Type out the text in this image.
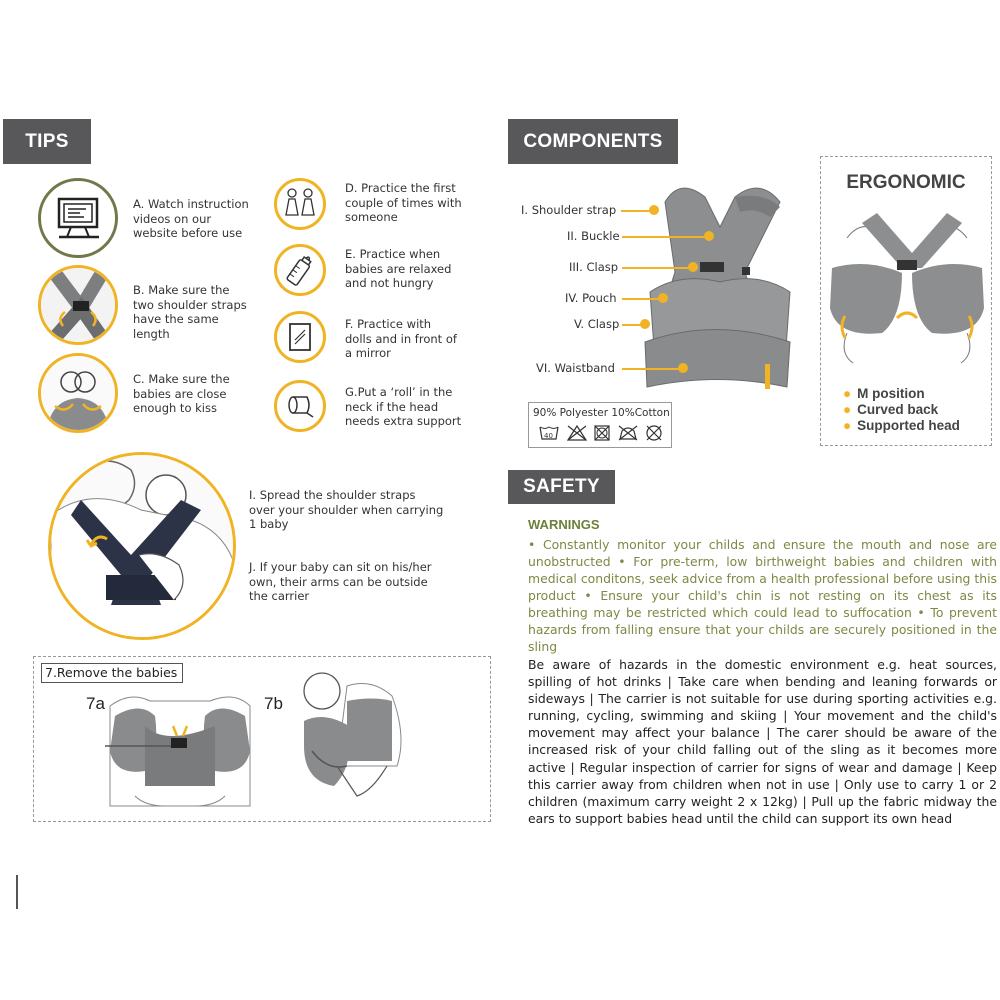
TIPS
A. Watch instruction videos on our website before use
B. Make sure the two shoulder straps have the same length
C. Make sure the babies are close enough to kiss
D. Practice the first couple of times with someone
E. Practice when babies are relaxed and not hungry
F. Practice with dolls and in front of a mirror
G.Put a ‘roll’ in the neck if the head needs extra support
I. Spread the shoulder straps over your shoulder when carrying 1 baby
J. If your baby can sit on his/her own, their arms can be outside the carrier
7.Remove the babies
7a	7b
COMPONENTS
I. Shoulder strap
II. Buckle
III. Clasp
IV. Pouch
V. Clasp
VI. Waistband
90% Polyester 10%Cotton
40
ERGONOMIC
● M position
● Curved back
● Supported head
SAFETY
WARNINGS
• Constantly monitor your childs and ensure the mouth and nose are unobstructed • For pre-term, low birthweight babies and children with medical conditons, seek advice from a health professional before using this product • Ensure your child's chin is not resting on its chest as its breathing may be restricted which could lead to suffocation • To prevent hazards from falling ensure that your childs are securely positioned in the sling
Be aware of hazards in the domestic environment e.g. heat sources, spilling of hot drinks | Take care when bending and leaning forwards or sideways | The carrier is not suitable for use during sporting activities e.g. running, cycling, swimming and skiing | Your movement and the child's movement may affect your balance | The carer should be aware of the increased risk of your child falling out of the sling as it becomes more active | Regular inspection of carrier for signs of wear and damage | Keep this carrier away from children when not in use | Only use to carry 1 or 2 children (maximum carry weight 2 x 12kg) | Pull up the fabric midway the ears to support babies head until the child can support its own head
